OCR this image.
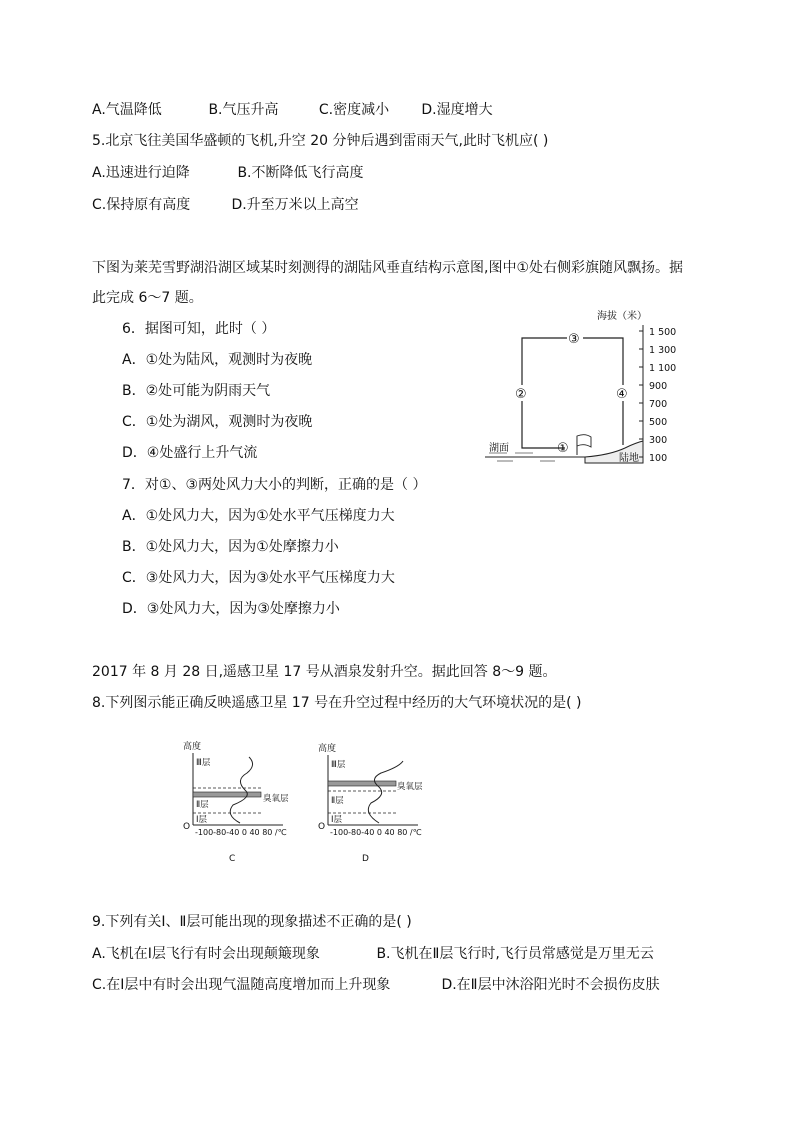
A.气温降低	B.气压升高	C.密度减小 D.湿度增大
5.北京飞往美国华盛顿的飞机,升空 20 分钟后遇到雷雨天气,此时飞机应( )
A.迅速进行迫降	B.不断降低飞行高度
C.保持原有高度	D.升至万米以上高空
下图为莱芜雪野湖沿湖区域某时刻测得的湖陆风垂直结构示意图,图中①处右侧彩旗随风飘扬。据
此完成 6～7 题。
6．据图可知，此时（ ）
A．①处为陆风，观测时为夜晚
B．②处可能为阴雨天气
C．①处为湖风，观测时为夜晚
D．④处盛行上升气流
7．对①、③两处风力大小的判断，正确的是（ ）
A．①处风力大，因为①处水平气压梯度力大
B．①处风力大，因为①处摩擦力小
C．③处风力大，因为③处水平气压梯度力大
D．③处风力大，因为③处摩擦力小
海拔（米）
③
②	④
①
湖面
陆地
1 500
1 300
1 100
900
700
500
300
100
2017 年 8 月 28 日,遥感卫星 17 号从酒泉发射升空。据此回答 8～9 题。
8.下列图示能正确反映遥感卫星 17 号在升空过程中经历的大气环境状况的是( )
高度
O
Ⅲ层
臭氧层
Ⅱ层
Ⅰ层
-100-80-40 0 40 80 /℃
C
高度
O
Ⅲ层
臭氧层
Ⅱ层
Ⅰ层
-100-80-40 0 40 80 /℃
D
9.下列有关Ⅰ、Ⅱ层可能出现的现象描述不正确的是( )
A.飞机在Ⅰ层飞行有时会出现颠簸现象	B.飞机在Ⅱ层飞行时,飞行员常感觉是万里无云
C.在Ⅰ层中有时会出现气温随高度增加而上升现象	D.在Ⅱ层中沐浴阳光时不会损伤皮肤
